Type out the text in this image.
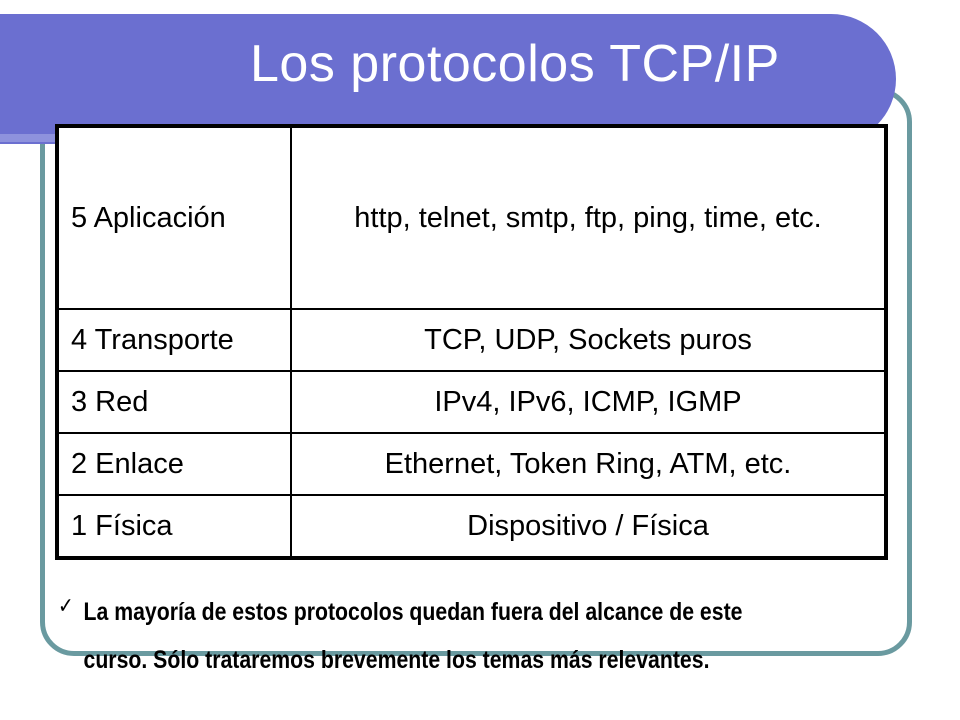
Los protocolos TCP/IP
5 Aplicación	http, telnet, smtp, ftp, ping, time, etc.
4 Transporte	TCP, UDP, Sockets puros
3 Red	IPv4, IPv6, ICMP, IGMP
2 Enlace	Ethernet, Token Ring, ATM, etc.
1 Física	Dispositivo / Física
✓ La mayoría de estos protocolos quedan fuera del alcance de este
curso. Sólo trataremos brevemente los temas más relevantes.
